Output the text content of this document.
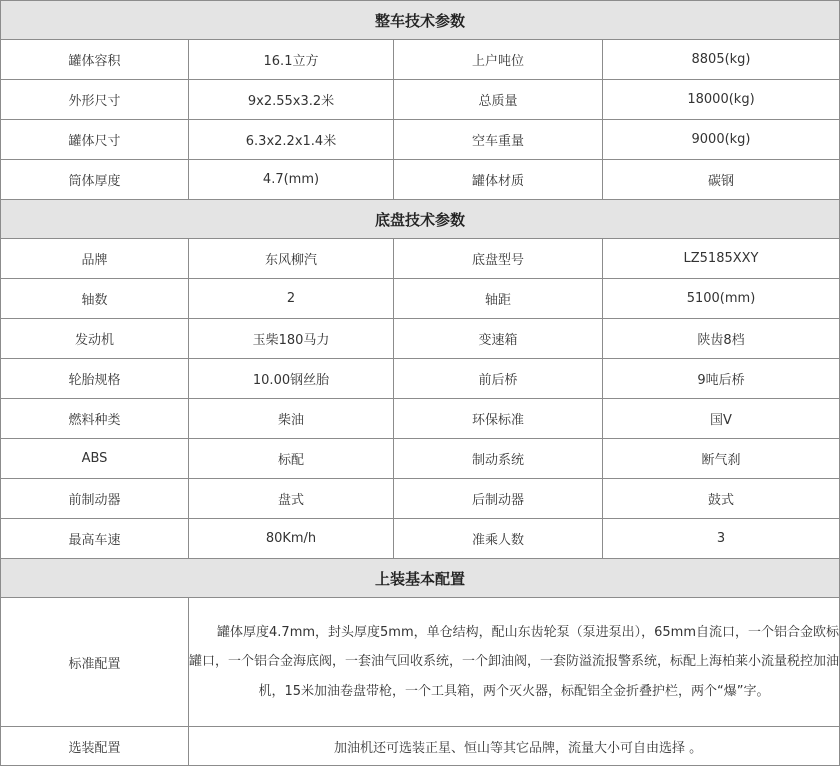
整车技术参数			
罐体容积	16.1立方	上户吨位	8805(kg)
外形尺寸	9x2.55x3.2米	总质量	18000(kg)
罐体尺寸	6.3x2.2x1.4米	空车重量	9000(kg)
筒体厚度	4.7(mm)	罐体材质	碳钢
底盘技术参数			
品牌	东风柳汽	底盘型号	LZ5185XXY
轴数	2	轴距	5100(mm)
发动机	玉柴180马力	变速箱	陕齿8档
轮胎规格	10.00钢丝胎	前后桥	9吨后桥
燃料种类	柴油	环保标准	国V
ABS	标配	制动系统	断气刹
前制动器	盘式	后制动器	鼓式
最高车速	80Km/h	准乘人数	3
上装基本配置			
标准配置	罐体厚度4.7mm，封头厚度5mm，单仓结构，配山东齿轮泵（泵进泵出），65mm自流口，一个铝合金欧标罐口，一个铝合金海底阀，一套油气回收系统，一个卸油阀，一套防溢流报警系统，标配上海柏莱小流量税控加油机，15米加油卷盘带枪，一个工具箱，两个灭火器，标配铝全金折叠护栏，两个“爆”字。		
选装配置	加油机还可选装正星、恒山等其它品牌，流量大小可自由选择 。		
